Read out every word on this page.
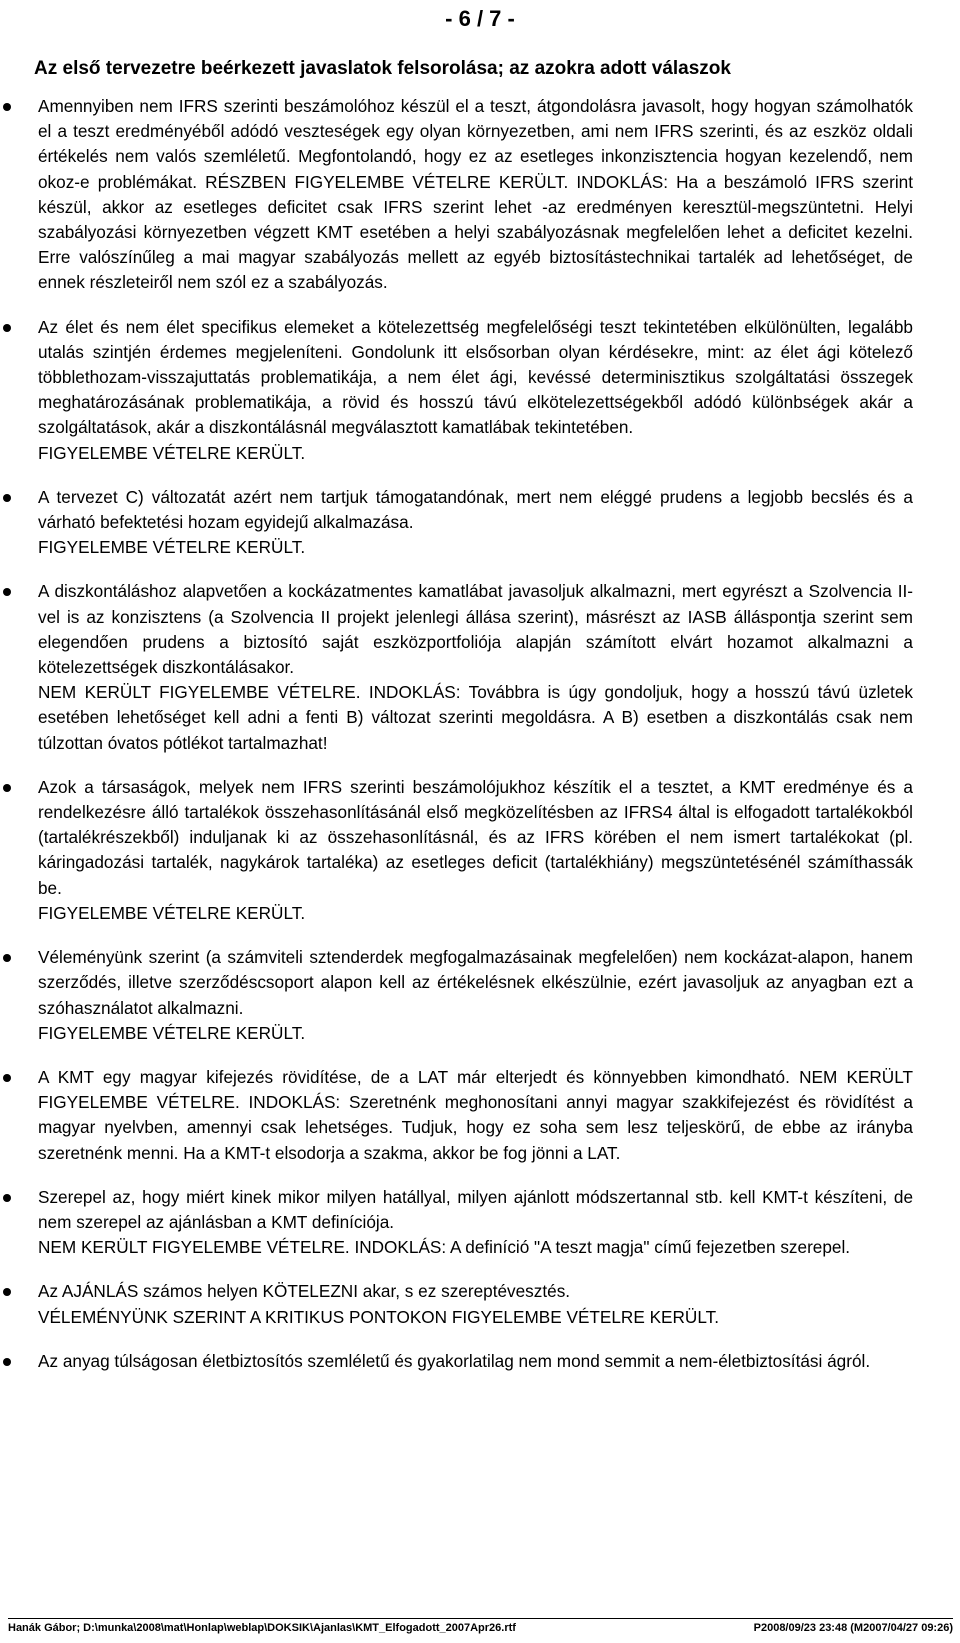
- 6 / 7 -
Az első tervezetre beérkezett javaslatok felsorolása; az azokra adott válaszok

Amennyiben nem IFRS szerinti beszámolóhoz készül el a teszt, átgondolásra javasolt, hogy hogyan számolhatók el a teszt eredményéből adódó veszteségek egy olyan környezetben, ami nem IFRS szerinti, és az eszköz oldali értékelés nem valós szemléletű. Megfontolandó, hogy ez az esetleges inkonzisztencia hogyan kezelendő, nem okoz-e problémákat. RÉSZBEN FIGYELEMBE VÉTELRE KERÜLT. INDOKLÁS: Ha a beszámoló IFRS szerint készül, akkor az esetleges deficitet csak IFRS szerint lehet -az eredményen keresztül-megszüntetni. Helyi szabályozási környezetben végzett KMT esetében a helyi szabályozásnak megfelelően lehet a deficitet kezelni. Erre valószínűleg a mai magyar szabályozás mellett az egyéb biztosítástechnikai tartalék ad lehetőséget, de ennek részleteiről nem szól ez a szabályozás.

Az élet és nem élet specifikus elemeket a kötelezettség megfelelőségi teszt tekintetében elkülönülten, legalább utalás szintjén érdemes megjeleníteni. Gondolunk itt elsősorban olyan kérdésekre, mint: az élet ági kötelező többlethozam-visszajuttatás problematikája, a nem élet ági, kevéssé determinisztikus szolgáltatási összegek meghatározásának problematikája, a rövid és hosszú távú elkötelezettségekből adódó különbségek akár a szolgáltatások, akár a diszkontálásnál megválasztott kamatlábak tekintetében.

FIGYELEMBE VÉTELRE KERÜLT.

A tervezet C) változatát azért nem tartjuk támogatandónak, mert nem eléggé prudens a legjobb becslés és a várható befektetési hozam egyidejű alkalmazása.

FIGYELEMBE VÉTELRE KERÜLT.

A diszkontáláshoz alapvetően a kockázatmentes kamatlábat javasoljuk alkalmazni, mert egyrészt a Szolvencia II-vel is az konzisztens (a Szolvencia II projekt jelenlegi állása szerint), másrészt az IASB álláspontja szerint sem elegendően prudens a biztosító saját eszközportfoliója alapján számított elvárt hozamot alkalmazni a kötelezettségek diszkontálásakor.

NEM KERÜLT FIGYELEMBE VÉTELRE. INDOKLÁS: Továbbra is úgy gondoljuk, hogy a hosszú távú üzletek esetében lehetőséget kell adni a fenti B) változat szerinti megoldásra. A B) esetben a diszkontálás csak nem túlzottan óvatos pótlékot tartalmazhat!

Azok a társaságok, melyek nem IFRS szerinti beszámolójukhoz készítik el a tesztet, a KMT eredménye és a rendelkezésre álló tartalékok összehasonlításánál első megközelítésben az IFRS4 által is elfogadott tartalékokból (tartalékrészekből) induljanak ki az összehasonlításnál, és az IFRS körében el nem ismert tartalékokat (pl. káringadozási tartalék, nagykárok tartaléka) az esetleges deficit (tartalékhiány) megszüntetésénél számíthassák be.

FIGYELEMBE VÉTELRE KERÜLT.

Véleményünk szerint (a számviteli sztenderdek megfogalmazásainak megfelelően) nem kockázat-alapon, hanem szerződés, illetve szerződéscsoport alapon kell az értékelésnek elkészülnie, ezért javasoljuk az anyagban ezt a szóhasználatot alkalmazni.

FIGYELEMBE VÉTELRE KERÜLT.

A KMT egy magyar kifejezés rövidítése, de a LAT már elterjedt és könnyebben kimondható. NEM KERÜLT FIGYELEMBE VÉTELRE. INDOKLÁS: Szeretnénk meghonosítani annyi magyar szakkifejezést és rövidítést a magyar nyelvben, amennyi csak lehetséges. Tudjuk, hogy ez soha sem lesz teljeskörű, de ebbe az irányba szeretnénk menni. Ha a KMT-t elsodorja a szakma, akkor be fog jönni a LAT.

Szerepel az, hogy miért kinek mikor milyen hatállyal, milyen ajánlott módszertannal stb. kell KMT-t készíteni, de nem szerepel az ajánlásban a KMT definíciója.

NEM KERÜLT FIGYELEMBE VÉTELRE. INDOKLÁS: A definíció "A teszt magja" című fejezetben szerepel.

Az AJÁNLÁS számos helyen KÖTELEZNI akar, s ez szereptévesztés.

VÉLEMÉNYÜNK SZERINT A KRITIKUS PONTOKON FIGYELEMBE VÉTELRE KERÜLT.

Az anyag túlságosan életbiztosítós szemléletű és gyakorlatilag nem mond semmit a nem-életbiztosítási ágról.

Hanák Gábor; D:\munka\2008\mat\Honlap\weblap\DOKSIK\Ajanlas\KMT_Elfogadott_2007Apr26.rtf	P2008/09/23 23:48 (M2007/04/27 09:26)
